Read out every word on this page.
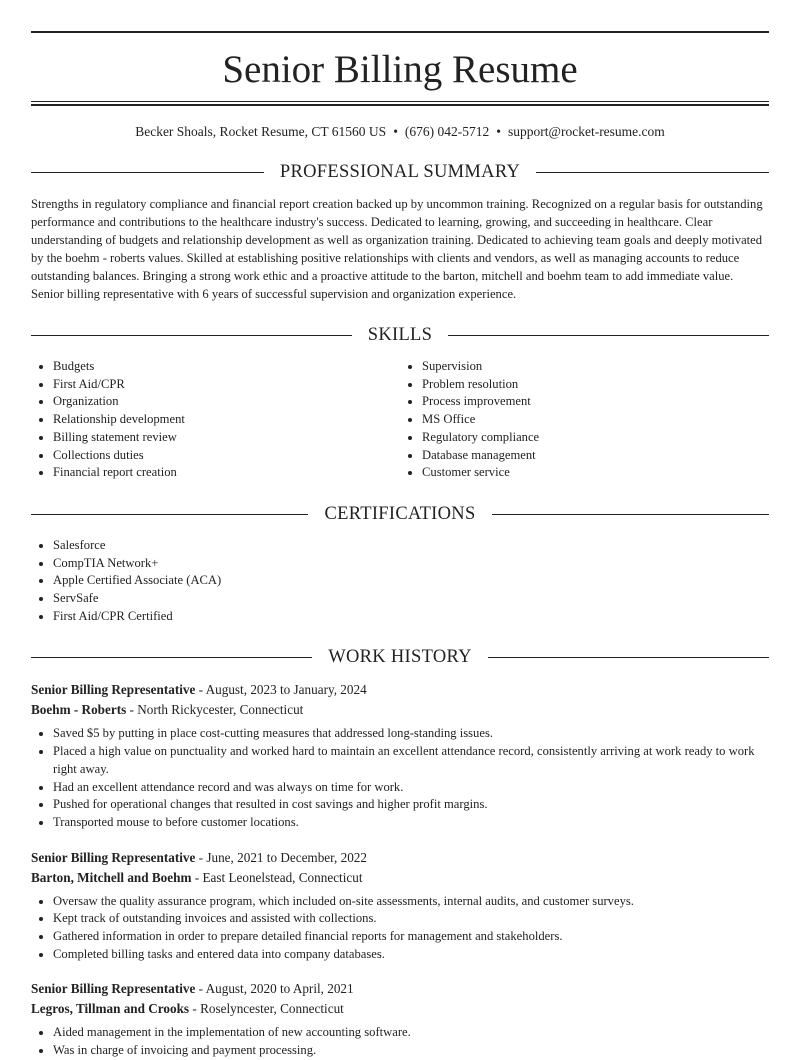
Senior Billing Resume
Becker Shoals, Rocket Resume, CT 61560 US • (676) 042-5712 • support@rocket-resume.com
PROFESSIONAL SUMMARY
Strengths in regulatory compliance and financial report creation backed up by uncommon training. Recognized on a regular basis for outstanding performance and contributions to the healthcare industry's success. Dedicated to learning, growing, and succeeding in healthcare. Clear understanding of budgets and relationship development as well as organization training. Dedicated to achieving team goals and deeply motivated by the boehm - roberts values. Skilled at establishing positive relationships with clients and vendors, as well as managing accounts to reduce outstanding balances. Bringing a strong work ethic and a proactive attitude to the barton, mitchell and boehm team to add immediate value. Senior billing representative with 6 years of successful supervision and organization experience.
SKILLS
• Budgets
• First Aid/CPR
• Organization
• Relationship development
• Billing statement review
• Collections duties
• Financial report creation
• Supervision
• Problem resolution
• Process improvement
• MS Office
• Regulatory compliance
• Database management
• Customer service
CERTIFICATIONS
• Salesforce
• CompTIA Network+
• Apple Certified Associate (ACA)
• ServSafe
• First Aid/CPR Certified
WORK HISTORY
Senior Billing Representative - August, 2023 to January, 2024
Boehm - Roberts - North Rickycester, Connecticut
• Saved $5 by putting in place cost-cutting measures that addressed long-standing issues.
• Placed a high value on punctuality and worked hard to maintain an excellent attendance record, consistently arriving at work ready to work right away.
• Had an excellent attendance record and was always on time for work.
• Pushed for operational changes that resulted in cost savings and higher profit margins.
• Transported mouse to before customer locations.
Senior Billing Representative - June, 2021 to December, 2022
Barton, Mitchell and Boehm - East Leonelstead, Connecticut
• Oversaw the quality assurance program, which included on-site assessments, internal audits, and customer surveys.
• Kept track of outstanding invoices and assisted with collections.
• Gathered information in order to prepare detailed financial reports for management and stakeholders.
• Completed billing tasks and entered data into company databases.
Senior Billing Representative - August, 2020 to April, 2021
Legros, Tillman and Crooks - Roselyncester, Connecticut
• Aided management in the implementation of new accounting software.
• Was in charge of invoicing and payment processing.
